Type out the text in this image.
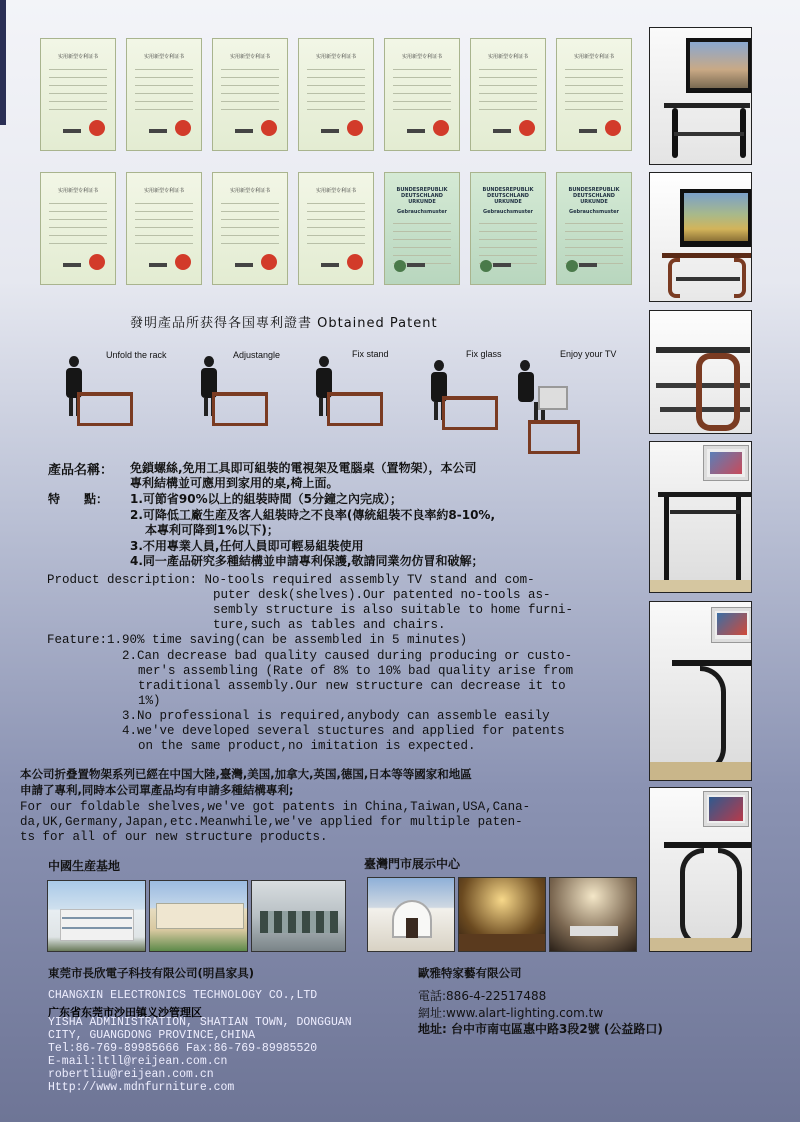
实用新型专利证书	实用新型专利证书	实用新型专利证书	实用新型专利证书	实用新型专利证书	实用新型专利证书	实用新型专利证书
实用新型专利证书	实用新型专利证书	实用新型专利证书	实用新型专利证书	BUNDESREPUBLIK DEUTSCHLAND
URKUNDE
Gebrauchsmuster
BUNDESREPUBLIK DEUTSCHLAND
URKUNDE
Gebrauchsmuster
BUNDESREPUBLIK DEUTSCHLAND
URKUNDE
Gebrauchsmuster
發明產品所获得各国專利證書 Obtained Patent
Unfold the rack	Adjustangle	Fix stand	Fix glass	Enjoy your TV
產品名稱： 免鎖螺絲,免用工具即可組裝的電視架及電腦桌（置物架），本公司
專利結構並可應用到家用的桌,椅上面。
特　　點： 1.可節省90%以上的組裝時間（5分鐘之內完成）；
2.可降低工廠生産及客人組裝時之不良率(傳統組裝不良率約8-10%,
本專利可降到1%以下)；
3.不用專業人員,任何人員即可輕易組裝使用
4.同一產品研究多種結構並申請專利保護,敬請同業勿仿冒和破解；
Product description: No-tools required assembly TV stand and com-
puter desk(shelves).Our patented no-tools as-
sembly structure is also suitable to home furni-
ture,such as tables and chairs.
Feature:1.90% time saving(can be assembled in 5 minutes)
2.Can decrease bad quality caused during producing or custo-
mer's assembling (Rate of 8% to 10% bad quality arise from
traditional assembly.Our new structure can decrease it to
1%)
3.No professional is required,anybody can assemble easily
4.we've developed several stuctures and applied for patents
on the same product,no imitation is expected.
本公司折叠置物架系列已經在中国大陸,臺灣,美国,加拿大,英国,德国,日本等等國家和地區
申請了專利,同時本公司單產品均有申請多種結構專利;
For our foldable shelves,we've got patents in China,Taiwan,USA,Cana-
da,UK,Germany,Japan,etc.Meanwhile,we've applied for multiple paten-
ts for all of our new structure products.
中國生産基地	臺灣門市展示中心
東莞市長欣電子科技有限公司(明昌家具)
CHANGXIN ELECTRONICS TECHNOLOGY CO.,LTD
广东省东莞市沙田镇义沙管理区
YISHA ADMINISTRATION, SHATIAN TOWN, DONGGUAN
CITY, GUANGDONG PROVINCE,CHINA
Tel:86-769-89985666 Fax:86-769-89985520
E-mail:ltll@reijean.com.cn
robertliu@reijean.com.cn
Http://www.mdnfurniture.com
歐雅特家藝有限公司
電話:886-4-22517488
網址:www.alart-lighting.com.tw
地址: 台中市南屯區惠中路3段2號 (公益路口)
